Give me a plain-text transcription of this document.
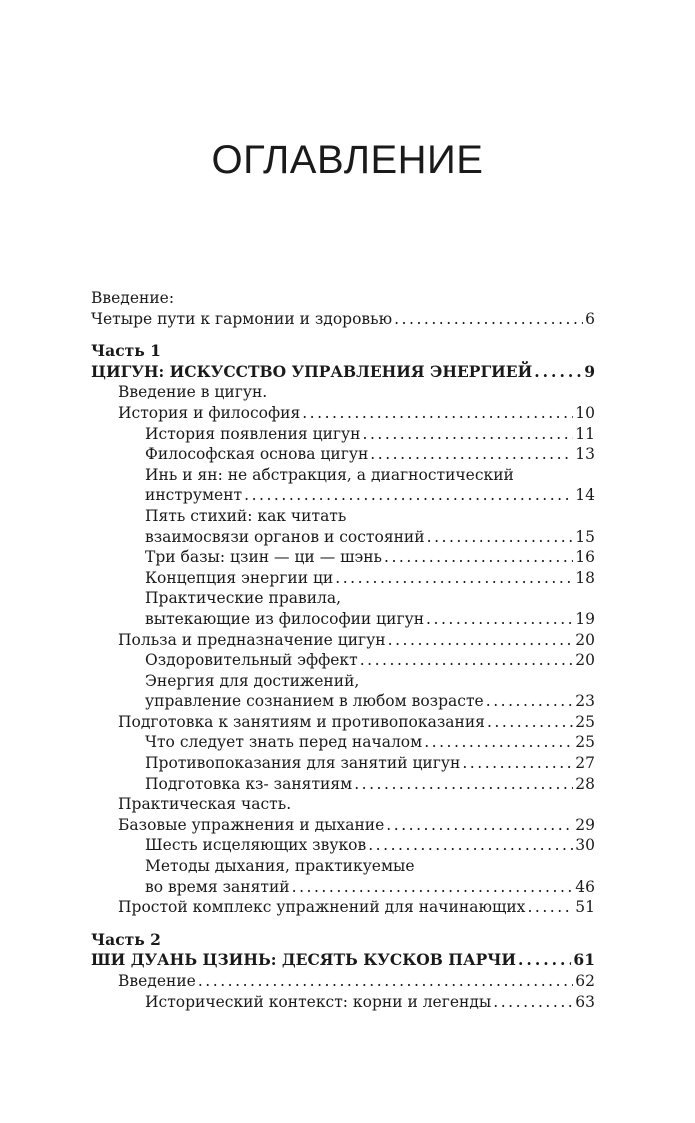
ОГЛАВЛЕНИЕ
Введение:
Четыре пути к гармонии и здоровью . . .	6
Часть 1
ЦИГУН: ИСКУССТВО УПРАВЛЕНИЯ ЭНЕРГИЕЙ . . .	9
Введение в цигун.
История и философия . . .	10
История появления цигун . . .	11
Философская основа цигун . . .	13
Инь и ян: не абстракция, а диагностический
инструмент . . .	14
Пять стихий: как читать
взаимосвязи органов и состояний . . .	15
Три базы: цзин — ци — шэнь . . .	16
Концепция энергии ци . . .	18
Практические правила,
вытекающие из философии цигун . . .	19
Польза и предназначение цигун . . .	20
Оздоровительный эффект . . .	20
Энергия для достижений,
управление сознанием в любом возрасте . . .	23
Подготовка к занятиям и противопоказания . . .	25
Что следует знать перед началом . . .	25
Противопоказания для занятий цигун . . .	27
Подготовка кз- занятиям . . .	28
Практическая часть.
Базовые упражнения и дыхание . . .	29
Шесть исцеляющих звуков . . .	30
Методы дыхания, практикуемые
во время занятий . . .	46
Простой комплекс упражнений для начинающих . . .	51
Часть 2
ШИ ДУАНЬ ЦЗИНЬ: ДЕСЯТЬ КУСКОВ ПАРЧИ . . .	61
Введение . . .	62
Исторический контекст: корни и легенды . . .	63
